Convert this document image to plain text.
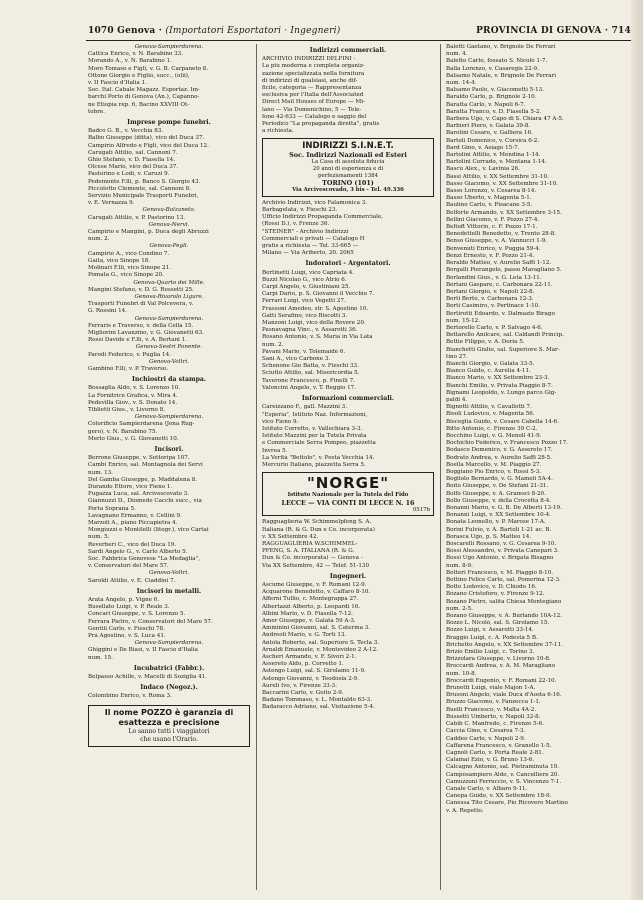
1070 Genova · (Importatori Esportatori · Ingegneri)	PROVINCIA DI GENOVA · 714
Genova-Sampierdarena.
Cattica Enrico, v. N. Barabino 33.
Morando A., v. N. Barabino 1.
Moro Tomaso e Figli, v. G. B. Carpaneto 8.
Ottone Giorgio e Figlio, succ., (olii),
v. II Fascio d'Italia 1.
Soc. Ital. Cabale Magazz. Esportaz. Im-
barchi Porto di Genova (An.), Capanno-
ne Etiopia rep. 6, Bacino XXVIII Ot-
tobre.
Imprese pompe funebri.
Badco G. B., v. Vecchia 83.
Balbo Giuseppe (ditta), vico del Duca 37.
Campirio Alfredo e Figli, vico del Duca 12.
Carugati Attilio, sal. Cannoni 7.
Ghio Stefano, v. D. Fiasella 14.
Olcese Mario, vico del Duca 37.
Pastorino e Lodi, v. Caruzi 9.
Pedemonte F.lli, p. Banco S. Giorgio 43.
Piccolotto Clemente, sal. Cannoni 8.
Servizio Municipale Trasporti Funebri,
v. E. Vernazza 9.
Genova-Bolzaneto.
Carugati Attilio, v. P. Pastorino 13.
Genova-Nervi.
Campirio e Mangini, p. Duca degli Abruzzi
num. 2.
Genova-Pegli.
Campirio A., vico Condino 7.
Gaita, vico Sinope 18.
Molinari F.lli, vico Sinope 21.
Pomata G., vico Sinope 20.
Genova-Quarto dei Mille.
Mangini Stefano, v. D. G. Rossetti 25.
Genova-Rivarolo Ligure.
Trasporti Funebri di Val Polcevera, v.
G. Rossini 14.
Genova-Sampierdarena.
Ferraris e Traverso, v. della Cella 15.
Migliorini Lavanzino, v. G. Giovanetti 63.
Rossi Davide e F.lli, v. A. Bertani 1.
Genova-Sestri Ponente.
Parodi Federico, v. Puglia 14.
Genova-Voltri.
Gambino F.lli, v. P. Traverso.
Inchiostri da stampa.
Bossaglia Aldo, v. S. Lorenzo 10.
La Fornitrice Grafica, v. Mira 4.
Pedevilla Giov., v. S. Donato 14.
Tiblietti Gius., v. Livorno 8.
Genova-Sampierdarena.
Colorificio Sampierdarena (Jona Rug-
gero), v. N. Barabino 75.
Merlo Gius., v. G. Giovanetti 10.
Incisori.
Berrone Giuseppe, v. Sottoripa 107.
Cambi Enrico, sal. Montagnola dei Servi
num. 13.
Del Gamba Giuseppe, p. Maddalena 8.
Durando Ettore, vico Fieno 1.
Fugazza Luca, sal. Arcivescovato 3.
Giannuzzi D., Diomede Cacchi succ., via
Porta Soprana 5.
Lavagnano Ermanno, v. Cellini 9.
Marzoli A., piano Piccapietra 4.
Mongiuzzi e Montilelli (litogr.), vico Cartai
num. 5.
Reverberi C., vico del Duca 19.
Sardi Angelo G., v. Carlo Alberto 5.
Soc. Fabbrica Genovese "La Medaglia",
v. Conservatori del Mare 57.
Genova-Voltri.
Saroldi Attilio, v. E. Ciaddini 7.
Incisori in metalli.
Arata Angelo, p. Vigne 6.
Busellato Luigi, v. P. Reale 3.
Concari Giuseppe, v. S. Lorenzo 5.
Ferrara Pietro, v. Conservatori del Mare 57.
Gentili Carlo, v. Fieschi 78.
Prà Agostino, v. S. Luca 41.
Genova-Sampierdarena.
Ghiggini e De Biasi, v. II Fascio d'Italia
num. 15.
Incubatrici (Fabbr.).
Belpasso Achille, v. Macelli di Soziglia 41.
Indaco (Negoz.).
Colombino Enrico, v. Roma 3.
Il nome POZZO è garanzia di
esattezza e precisione
Lo sanno tutti i viaggiatori
che usano l'Orario.
Indirizzi commerciali.
ARCHIVIO INDIRIZZI DELFINI -
La più moderna e completa organiz-
zazione specializzata nella fornitura
di indirizzi di qualsiasi, anche dif-
ficile, categoria — Rappresentanza
esclusiva per l'Italia dell'Associated
Direct Mail Houses of Europe — Mi-
lano — Via Domenichino, 5 — Tele-
fono 42-633 — Catalogo e saggio del
Periodico "La propaganda diretta", gratis
a richiesta.
INDIRIZZI S.I.N.E.T.
Soc. Indirizzi Nazionali ed Esteri
La Casa di assoluta fiducia
20 anni di esperienza e di
perfezionamenti 1384
TORINO (101)
Via Arcivescovado, 3 bis - Tel. 49.336
Archivio Indirizzi, vico Falamonica 3.
Barbagelata, v. Fieschi 23.
Ufficio Indirizzi Propaganda Commerciale,
(Rossi D.), v. Frenze 36.
"STEINER" - Archivio Indirizzi
Commerciali e privati — Catalogo H
gratis a richiesta — Tel. 33-665 —
Milano — Via Ariberto, 20. 2065
Indoratori - Argentatori.
Bertinetti Luigi, vico Capriata 4.
Buzzi Nicolao G., vico Atrio 6.
Carpi Angelo, v. Giustiniani 25.
Carpi Dario, p. S. Giovanni il Vecchio 7.
Ferrari Luigi, vico Vegetti 27.
Frassoni Amedeo, str. S. Agostino 10.
Gatti Serafino, vico Biscotti 3.
Manzoni Luigi, vico della Rovere 20.
Pasnavagna Vinc., v. Assarotti 36.
Rosano Antonio, v. S. Maria in Via Lata
num. 2.
Pavani Mario, v. Tolemaide 6.
Sani A., vico Carbone 3.
Schenone Gio Batta, v. Fieschi 33.
Sciutto Attilio, sal. Misericordia 5.
Taverone Francesco, p. Finelli 7.
Valoncini Angelo, v. T. Reggio 17.
Informazioni commerciali.
Careizzano F., gall. Mazzini 3.
"Esperia", Istituto Naz. Informazioni,
vico Fieno 9.
Istituto Corretto, v. Vallechiara 3-3.
Istituto Mazzini per la Tutela Privata
e Commerciale Serra Pompeo, piazzetta
Invrea 5.
La Veritá "Bettolo", v. Posta Vecchia 14.
Mercurio Italiano, piazzetta Serra 5.
"NORGE"
Istituto Nazionale per la Tutela del Fido
LECCE — VIA CONTI DI LECCE N. 16
0517b
Ragguaglieria W. Schimmelpfeng S. A.
Italiana (R. & G. Dun e Co. incorporata)
v. XX Settembre 42.
RAGGUAGLIERIA W.SCHIMMEL-
PFENG, S. A. ITALIANA (R. & G.
Dun & Co. incorporata) — Genova -
Via XX Settembre, 42 — Telef. 51-130
Ingegneri.
Ascume Giuseppe, v. F. Romani 12-9.
Acquarone Benedetto, v. Caffaro 8-10.
Afferni Tullio, c. Montegrappa 27.
Albertazzi Alberto, p. Leopardi 16.
Albini Mario, v. D. Fiasella 7-12.
Amer Giuseppe, v. Galata 59 A-3.
Amminini Giovanni, sal. S. Caterina 3.
Andreoli Mario, v. G. Torti 13.
Antola Roberto, sal. Superiore S. Tecla 3.
Arnaldi Emanuele, v. Montevideo 2 A-12.
Ascheri Armando, v. F. Sivori 2-1.
Assereto Aldo, p. Corvetto 1.
Astengo Luigi, sal. S. Girolamo 11-9.
Astengo Giovanni, v. Teodosia 2-9.
Aureli Ivo, v. Firenze 33-3.
Baccarini Carlo, v. Goito 2-9.
Badano Tommaso, v. L. Montaldo 63-3.
Badaracco Adriano, sal. Visitazione 5-4.
Baletti Gaetano, v. Brignole De Ferrari
num. 4.
Baletto Carlo, fossato S. Nicolò 1-7.
Balla Lorenzo, v. Casaregis 22-9.
Balsamo Natale, v. Brignole De Ferrari
num. 14-4.
Balsamo Paolo, v. Giacometti 5-13.
Baraldo Carlo, p. Brignole 2-10.
Baratta Carlo, v. Napoli 6-7.
Baratta Franco, v. D. Fiasella 5-2.
Barbera Ugo, v. Capo di S. Chiara 47 A-5.
Barbieri Piero, v. Galata 39-8.
Barolini Cesare, v. Galliera 16.
Bartoli Domenico, v. Corsica 6-2.
Bard Gino, v. Asiago 15-7.
Bartolini Attilio, v. Mendina 1-14.
Bartolini Corrado, v. Montana 1-14.
Bascu Alex., v. Lavinia 26.
Bassi Attilio, v. XX Settembre 31-10.
Basso Giacomo, v. XX Settembre 31-10.
Basso Lorenzo, v. Cesarea 8-14.
Basso Uberto, v. Magenta 5-1.
Baulino Carlo, v. Pisacane 3-5.
Belforte Armando, v. XX Settembre 3-15.
Bellini Giacomo, v. F. Pozzo 27-4.
Beltoft Vittorio, c. F. Pozzo 17-1.
Benedettelli Benedetto, v. Trento 28-8.
Benso Giuseppe, v. A. Vannucci 1-9.
Benvenuti Enrico, v. Puggia 59-4.
Benzi Ernesto, v. F. Pozzo 21-4.
Beraldo Matteo, v. Aurelio Saffi 1-12.
Bergalli Pierangelo, passo Maragliano 5.
Berlandini Gius., v. G. Leta 13-11.
Bertani Gaspare, c. Carbonara 22-11.
Bertani Giorgio, v. Napoli 22-8.
Berti Berto, v. Carbonara 12-3.
Berti Casimiro, v. Pertinace 1-10.
Bertirotti Edoardo, v. Dalmazio Birago
num. 15-12.
Bertorello Carlo, v. P. Salvago 4-6.
Bettarello Anilcare, sal. Caldandi Princip.
Bettie Filippo, v. A. Doria 5.
Bianchetti Giulio, sal. Superiore S. Mar-
tino 27.
Bianchi Giorgio, v. Galata 33-5.
Bianco Guido, c. Aurelia 4-11.
Bianco Mario, v. XX Settembre 23-3.
Bianchi Emilio, v. Privata Piaggio 8-7.
Bignami Leopoldo, v. Lungo parco Gig-
paldi 4.
Bignotti Attilio, v. Cavallotti 7.
Bisoli Ludovico, v. Magenta 56.
Bisceglia Guido, v. Cesare Cabella 14-6.
Bitto Antonio, c. Firenze 39 C-2.
Bocchino Luigi, v. G. Menoll 41-9.
Bochichio Federico, v. Francesco Pozzo 17.
Bodasco Domenico, v. G. Assereto 17.
Bodrato Andrea, v. Aurelio Saffi 28-5.
Boella Marcello, v. M. Piaggio 27.
Boggiano Pio Enrico, v. Rossi 5-3.
Bogliolo Bernardo, v. G. Mameli 5A-4.
Boito Giuseppe, v. De Stefani 21-31.
Bolfò Giuseppe, v. A. Gramsci 8-20.
Bollo Giuseppe, v. della Crocetta 8-4.
Bonanni Mario, v. G. B. De Alberti 13-19.
Bonanni Luigi, v. XX Settembre 10-4.
Bonata Leonello, v. P. Marose 17-A.
Borini Fulvio, v. A. Bartoli 1-21 ac. B.
Borasca Ugo, p. S. Matteo 14.
Boscarelli Rossano, v. G. Cesarea 9-10.
Bossi Alessandro, v. Privata Canepari 3.
Bossi Ugo Antonio, v. Brigata Bisagno
num. 8-9.
Botteri Francesco, v. M. Piaggio 8-10.
Bottino Felice Carlo, sal. Pomerina 12-3.
Botto Lodovico, v. D. Chiodo 16.
Bozano Cristoforo, v. Firenze 9-12.
Bozano Pietro, salita Chiesa Montegiano
num. 2-5.
Bozano Giuseppe, v. A. Burlando 10A-12.
Bozzo L. Nicolò, sal. S. Girolamo 15.
Bozzo Luigi, v. Assarotti 33-14.
Braggio Luigi, c. A. Podestà 5 B.
Brichetto Angelo, v. XX Settembre 37-11.
Brizio Emilio Luigi, c. Torino 3.
Brizzolara Giuseppe, v. Livorno 10-8.
Broccardi Andrea, v. A. M. Maragliano
num. 10-8.
Broccardi Eugenio, v. F. Romani 22-10.
Brunetti Luigi, viale Majon 1-A.
Brusoni Angelo, viale Duca d'Aosta 6-16.
Bruzzo Giacomo, v. Fanzecca 1-1.
Buelli Francesco, v. Malta 4A-2.
Bussetti Umberto, v. Napoli 32-8.
Cabib C. Manfredo, c. Firenze 5-6.
Caccia Gino, v. Cesarea 7-3.
Caddeo Carlo, v. Napoli 2-9.
Caffarena Francesco, v. Granello 1-5.
Cagnoli Carlo, v. Porta Reale 2-81.
Calamai Ezio, v. G. Bruno 13-6.
Calcagno Antonio, sal. Pietraminuta 19.
Camposampiero Aldo, v. Cancelliere 20.
Camuzzoni Ferruccio, v. S. Vincenzo 7-1.
Canale Carlo, v. Albaro 9-11.
Canepa Guido, v. XX Settembre 18-9.
Canessa Tito Cesare, Pio Ricovero Martino
v. A. Repetto.
